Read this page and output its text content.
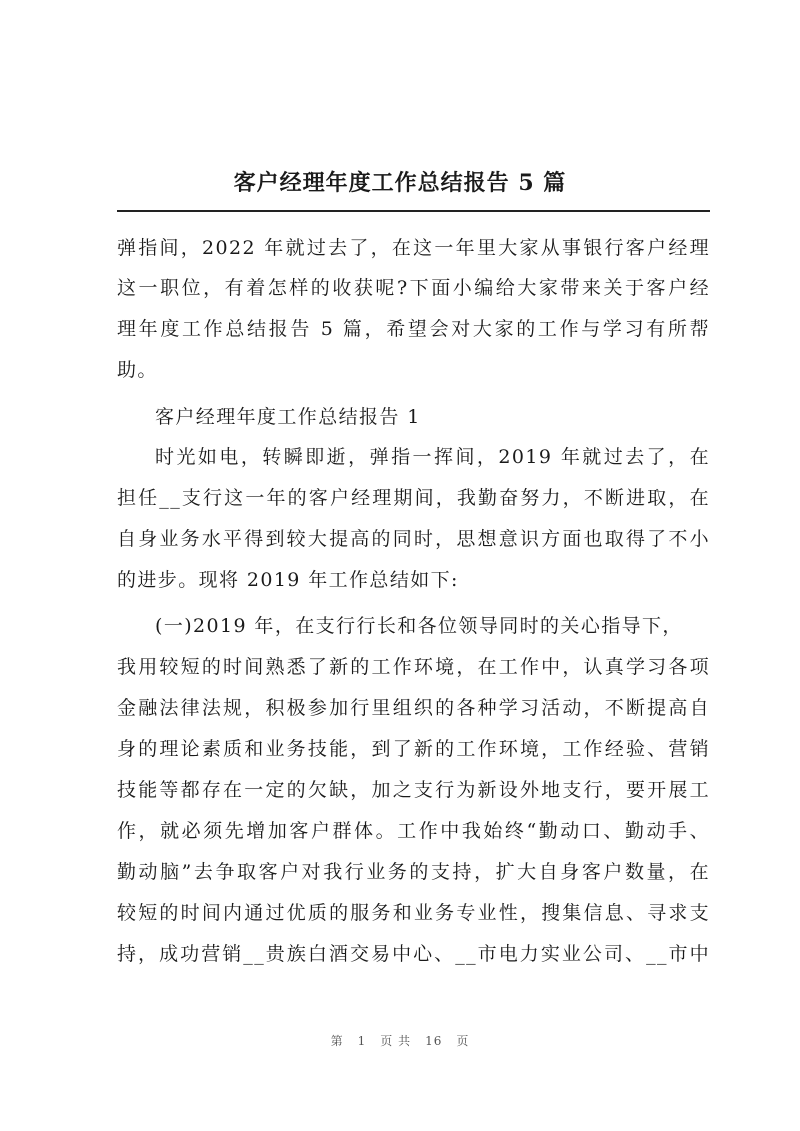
客户经理年度工作总结报告 5 篇
弹指间，2022 年就过去了，在这一年里大家从事银行客户经理
这一职位，有着怎样的收获呢?下面小编给大家带来关于客户经
理年度工作总结报告 5 篇，希望会对大家的工作与学习有所帮
助。
客户经理年度工作总结报告 1
时光如电，转瞬即逝，弹指一挥间，2019 年就过去了，在
担任__支行这一年的客户经理期间，我勤奋努力，不断进取，在
自身业务水平得到较大提高的同时，思想意识方面也取得了不小
的进步。现将 2019 年工作总结如下:
(一)2019 年，在支行行长和各位领导同时的关心指导下，
我用较短的时间熟悉了新的工作环境，在工作中，认真学习各项
金融法律法规，积极参加行里组织的各种学习活动，不断提高自
身的理论素质和业务技能，到了新的工作环境，工作经验、营销
技能等都存在一定的欠缺，加之支行为新设外地支行，要开展工
作，就必须先增加客户群体。工作中我始终“勤动口、勤动手、
勤动脑”去争取客户对我行业务的支持，扩大自身客户数量，在
较短的时间内通过优质的服务和业务专业性，搜集信息、寻求支
持，成功营销__贵族白酒交易中心、__市电力实业公司、__市中
第 1 页 共 16 页
